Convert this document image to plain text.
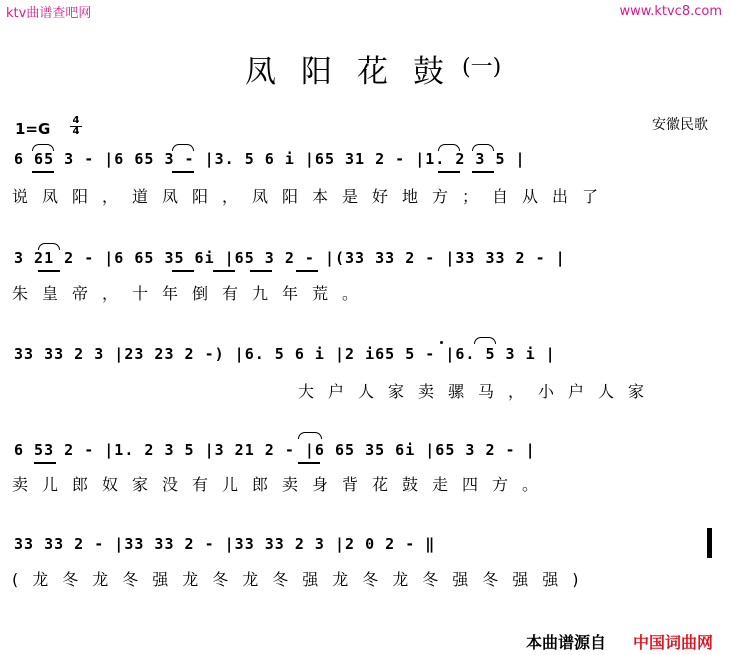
ktv曲谱查吧网	www.ktvc8.com
凤阳花鼓
(一)
1=G 4
4	安徽民歌
6 65 3 - |6 65 3 - |3. 5 6 i |65 31 2 - |1. 2 3 5 |
说凤阳，道凤阳，凤阳本是好地方；自从出了
3 21 2 - |6 65 35 6i |65 3 2 - |(33 33 2 - |33 33 2 - |
朱皇帝，十年倒有九年荒。
33 33 2 3 |23 23 2 -) |6. 5 6 i |2 i65 5 - |6. 5 3 i |
大户人家卖骡马，小户人家
6 53 2 - |1. 2 3 5 |3 21 2 - |6 65 35 6i |65 3 2 - |
卖儿郎奴家没有儿郎卖身背花鼓走四方。
33 33 2 - |33 33 2 - |33 33 2 3 |2 0 2 - ‖
(龙冬龙冬强龙冬龙冬强龙冬龙冬强冬强强)
本曲谱源自 中国词曲网
